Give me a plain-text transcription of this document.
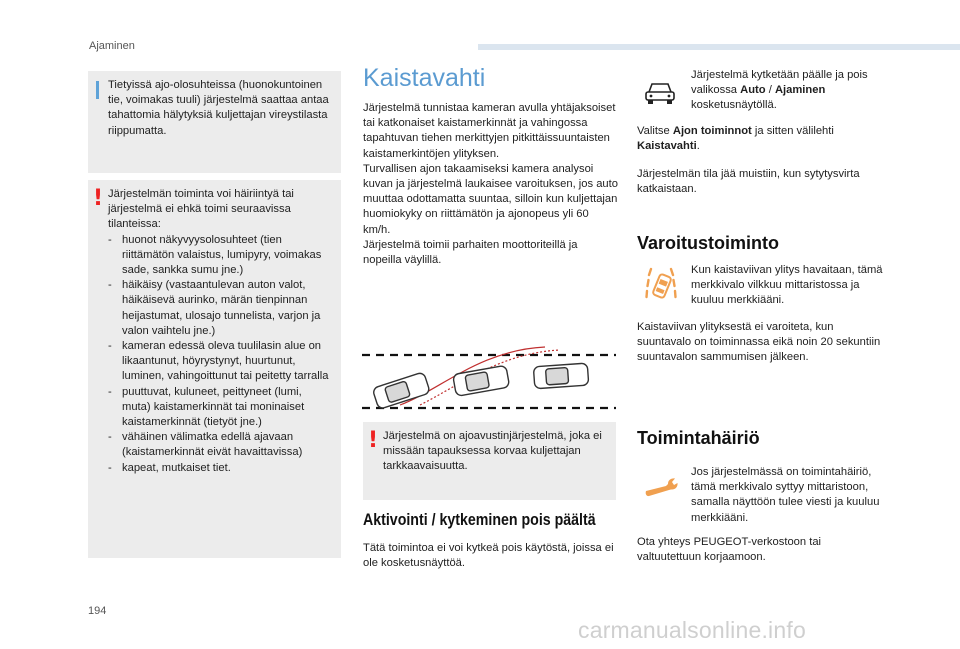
Ajaminen
Tietyissä ajo-olosuhteissa (huonokuntoinen tie, voimakas tuuli) järjestelmä saattaa antaa tahattomia hälytyksiä kuljettajan vireystilasta riippumatta.
! Järjestelmän toiminta voi häiriintyä tai järjestelmä ei ehkä toimi seuraavissa tilanteissa:

- huonot näkyvyysolosuhteet (tien riittämätön valaistus, lumipyry, voimakas sade, sankka sumu jne.)
- häikäisy (vastaantulevan auton valot, häikäisevä aurinko, märän tienpinnan heijastumat, ulosajo tunnelista, varjon ja valon vaihtelu jne.)
- kameran edessä oleva tuulilasin alue on likaantunut, höyrystynyt, huurtunut, luminen, vahingoittunut tai peitetty tarralla
- puuttuvat, kuluneet, peittyneet (lumi, muta) kaistamerkinnät tai moninaiset kaistamerkinnät (tietyöt jne.)
- vähäinen välimatka edellä ajavaan (kaistamerkinnät eivät havaittavissa)
- kapeat, mutkaiset tiet.
Kaistavahti
Järjestelmä tunnistaa kameran avulla yhtäjaksoiset tai katkonaiset kaistamerkinnät ja vahingossa tapahtuvan tiehen merkittyjen pitkittäissuuntaisten kaistamerkintöjen ylityksen.
Turvallisen ajon takaamiseksi kamera analysoi kuvan ja järjestelmä laukaisee varoituksen, jos auto muuttaa odottamatta suuntaa, silloin kun kuljettajan huomiokyky on riittämätön ja ajonopeus yli 60 km/h.
Järjestelmä toimii parhaiten moottoriteillä ja nopeilla väylillä.
! Järjestelmä on ajoavustinjärjestelmä, joka ei missään tapauksessa korvaa kuljettajan tarkkaavaisuutta.
Aktivointi / kytkeminen pois päältä
Tätä toimintoa ei voi kytkeä pois käytöstä, joissa ei ole kosketusnäyttöä.
Järjestelmä kytketään päälle ja pois valikossa Auto / Ajaminen kosketusnäytöllä.
Valitse Ajon toiminnot ja sitten välilehti Kaistavahti.
Järjestelmän tila jää muistiin, kun sytytysvirta katkaistaan.
Varoitustoiminto
Kun kaistaviivan ylitys havaitaan, tämä merkkivalo vilkkuu mittaristossa ja kuuluu merkkiääni.
Kaistaviivan ylityksestä ei varoiteta, kun suuntavalo on toiminnassa eikä noin 20 sekuntiin suuntavalon sammumisen jälkeen.
Toimintahäiriö
Jos järjestelmässä on toimintahäiriö, tämä merkkivalo syttyy mittaristoon, samalla näyttöön tulee viesti ja kuuluu merkkiääni.
Ota yhteys PEUGEOT-verkostoon tai valtuutettuun korjaamoon.
194
carmanualsonline.info
